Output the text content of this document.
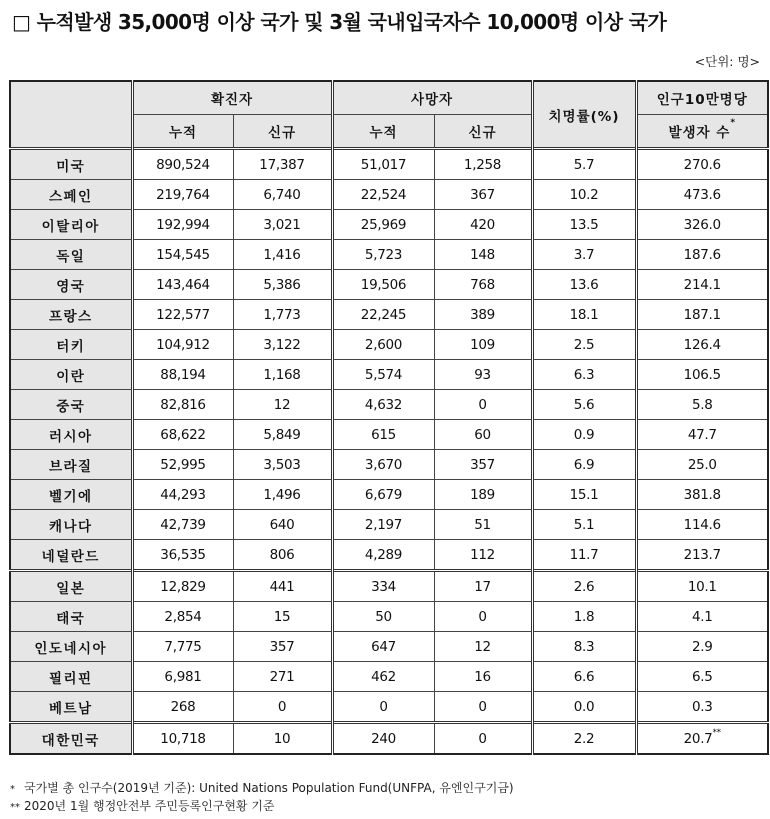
□ 누적발생 35,000명 이상 국가 및 3월 국내입국자수 10,000명 이상 국가
<단위: 명>
	확진자		사망자		치명률(%)	인구10만명당
	누적	신규	누적	신규		발생자 수*
미국	890,524	17,387	51,017	1,258	5.7	270.6
스페인	219,764	6,740	22,524	367	10.2	473.6
이탈리아	192,994	3,021	25,969	420	13.5	326.0
독일	154,545	1,416	5,723	148	3.7	187.6
영국	143,464	5,386	19,506	768	13.6	214.1
프랑스	122,577	1,773	22,245	389	18.1	187.1
터키	104,912	3,122	2,600	109	2.5	126.4
이란	88,194	1,168	5,574	93	6.3	106.5
중국	82,816	12	4,632	0	5.6	5.8
러시아	68,622	5,849	615	60	0.9	47.7
브라질	52,995	3,503	3,670	357	6.9	25.0
벨기에	44,293	1,496	6,679	189	15.1	381.8
캐나다	42,739	640	2,197	51	5.1	114.6
네덜란드	36,535	806	4,289	112	11.7	213.7
일본	12,829	441	334	17	2.6	10.1
태국	2,854	15	50	0	1.8	4.1
인도네시아	7,775	357	647	12	8.3	2.9
필리핀	6,981	271	462	16	6.6	6.5
베트남	268	0	0	0	0.0	0.3
대한민국	10,718	10	240	0	2.2	20.7**
* 국가별 총 인구수(2019년 기준): United Nations Population Fund(UNFPA, 유엔인구기금)
** 2020년 1월 행정안전부 주민등록인구현황 기준
